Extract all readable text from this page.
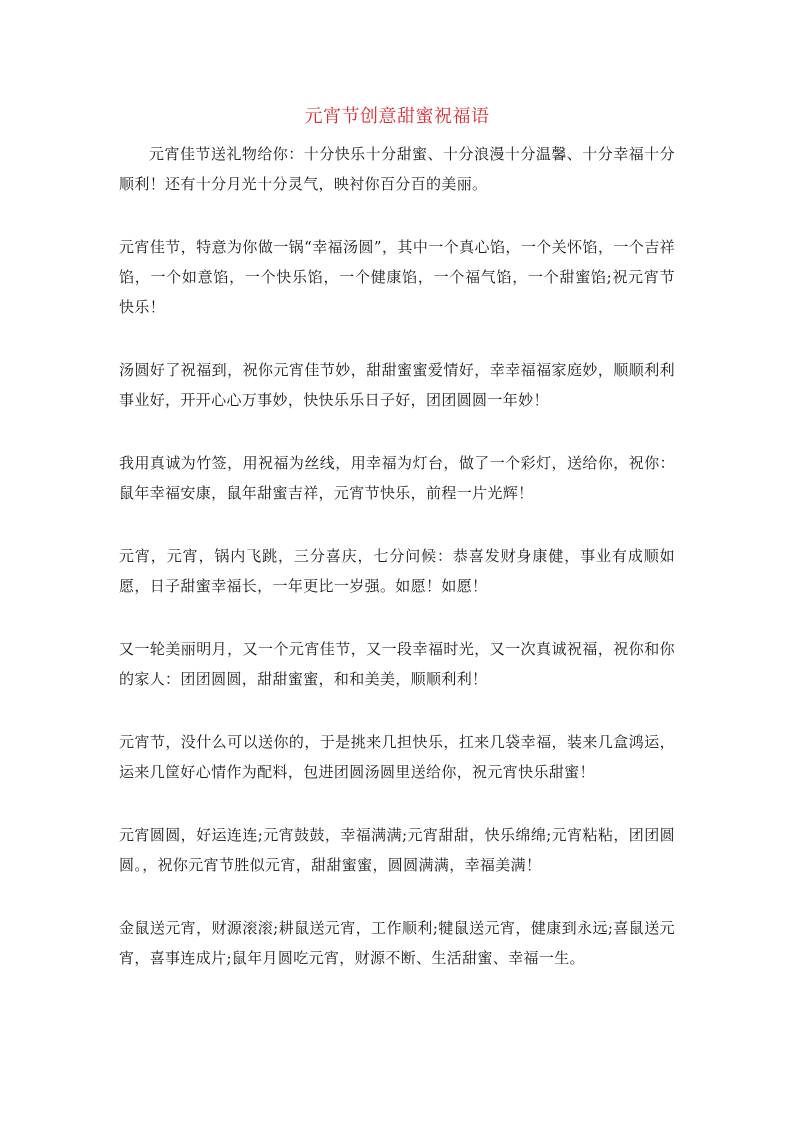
元宵节创意甜蜜祝福语

元宵佳节送礼物给你：十分快乐十分甜蜜、十分浪漫十分温馨、十分幸福十分顺利！还有十分月光十分灵气，映衬你百分百的美丽。

元宵佳节，特意为你做一锅“幸福汤圆”，其中一个真心馅，一个关怀馅，一个吉祥馅，一个如意馅，一个快乐馅，一个健康馅，一个福气馅，一个甜蜜馅;祝元宵节快乐！

汤圆好了祝福到，祝你元宵佳节妙，甜甜蜜蜜爱情好，幸幸福福家庭妙，顺顺利利事业好，开开心心万事妙，快快乐乐日子好，团团圆圆一年妙！

我用真诚为竹签，用祝福为丝线，用幸福为灯台，做了一个彩灯，送给你，祝你：鼠年幸福安康，鼠年甜蜜吉祥，元宵节快乐，前程一片光辉！

元宵，元宵，锅内飞跳，三分喜庆，七分问候：恭喜发财身康健，事业有成顺如愿，日子甜蜜幸福长，一年更比一岁强。如愿！如愿！

又一轮美丽明月，又一个元宵佳节，又一段幸福时光，又一次真诚祝福，祝你和你的家人：团团圆圆，甜甜蜜蜜，和和美美，顺顺利利！

元宵节，没什么可以送你的，于是挑来几担快乐，扛来几袋幸福，装来几盒鸿运，运来几筐好心情作为配料，包进团圆汤圆里送给你，祝元宵快乐甜蜜！

元宵圆圆，好运连连;元宵鼓鼓，幸福满满;元宵甜甜，快乐绵绵;元宵粘粘，团团圆圆。，祝你元宵节胜似元宵，甜甜蜜蜜，圆圆满满，幸福美满！

金鼠送元宵，财源滚滚;耕鼠送元宵，工作顺利;犍鼠送元宵，健康到永远;喜鼠送元宵，喜事连成片;鼠年月圆吃元宵，财源不断、生活甜蜜、幸福一生。
